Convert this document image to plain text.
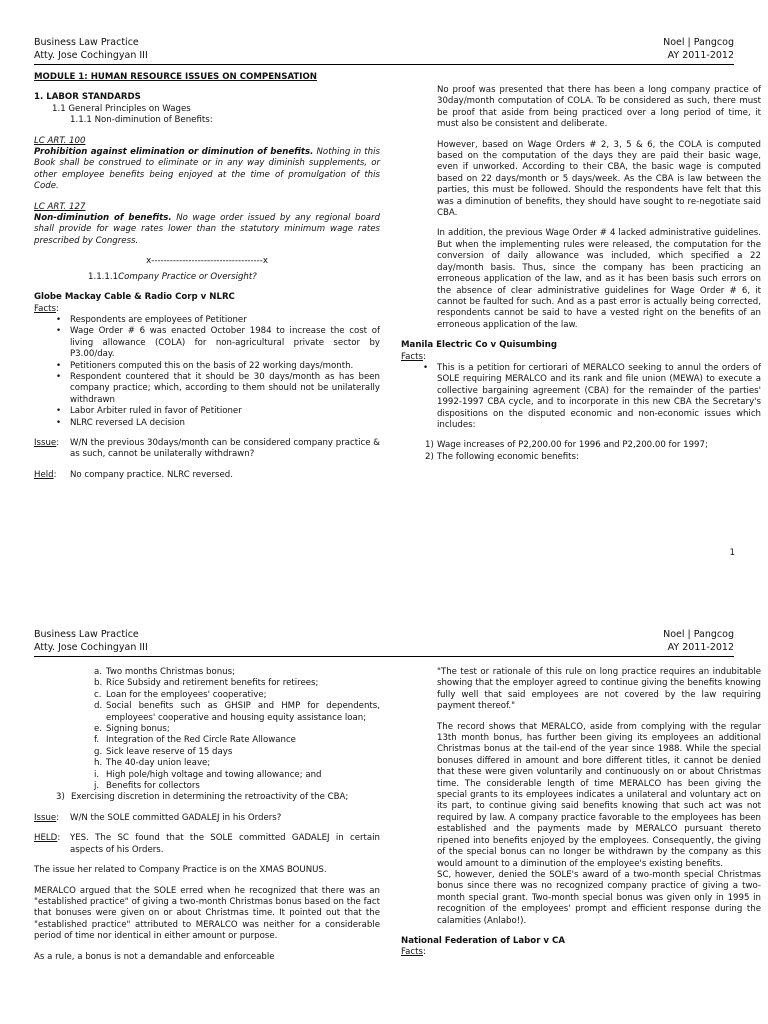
Business Law Practice
Atty. Jose Cochingyan III
Noel | Pangcog
AY 2011-2012

MODULE 1: HUMAN RESOURCE ISSUES ON COMPENSATION

1. LABOR STANDARDS

1.1 General Principles on Wages

1.1.1 Non-diminution of Benefits:

LC ART. 100

Prohibition against elimination or diminution of benefits. Nothing in this Book shall be construed to eliminate or in any way diminish supplements, or other employee benefits being enjoyed at the time of promulgation of this Code.

LC ART. 127

Non-diminution of benefits. No wage order issued by any regional board shall provide for wage rates lower than the statutory minimum wage rates prescribed by Congress.

x------------------------------------x

1.1.1.1Company Practice or Oversight?

Globe Mackay Cable & Radio Corp v NLRC

Facts:

• Respondents are employees of Petitioner
• Wage Order # 6 was enacted October 1984 to increase the cost of living allowance (COLA) for non-agricultural private sector by P3.00/day.
• Petitioners computed this on the basis of 22 working days/month.
• Respondent countered that it should be 30 days/month as has been company practice; which, according to them should not be unilaterally withdrawn
• Labor Arbiter ruled in favor of Petitioner
• NLRC reversed LA decision
Issue: W/N the previous 30days/month can be considered company practice & as such, cannot be unilaterally withdrawn?
Held: No company practice. NLRC reversed.

No proof was presented that there has been a long company practice of 30day/month computation of COLA. To be considered as such, there must be proof that aside from being practiced over a long period of time, it must also be consistent and deliberate.

However, based on Wage Orders # 2, 3, 5 & 6, the COLA is computed based on the computation of the days they are paid their basic wage, even if unworked. According to their CBA, the basic wage is computed based on 22 days/month or 5 days/week. As the CBA is law between the parties, this must be followed. Should the respondents have felt that this was a diminution of benefits, they should have sought to re-negotiate said CBA.

In addition, the previous Wage Order # 4 lacked administrative guidelines. But when the implementing rules were released, the computation for the conversion of daily allowance was included, which specified a 22 day/month basis. Thus, since the company has been practicing an erroneous application of the law, and as it has been basis such errors on the absence of clear administrative guidelines for Wage Order # 6, it cannot be faulted for such. And as a past error is actually being corrected, respondents cannot be said to have a vested right on the benefits of an erroneous application of the law.

Manila Electric Co v Quisumbing

Facts:

• This is a petition for certiorari of MERALCO seeking to annul the orders of SOLE requiring MERALCO and its rank and file union (MEWA) to execute a collective bargaining agreement (CBA) for the remainder of the parties' 1992-1997 CBA cycle, and to incorporate in this new CBA the Secretary's dispositions on the disputed economic and non-economic issues which includes:
1) Wage increases of P2,200.00 for 1996 and P2,200.00 for 1997;
2) The following economic benefits:
1
Business Law Practice
Atty. Jose Cochingyan III
Noel | Pangcog
AY 2011-2012
a. Two months Christmas bonus;
b. Rice Subsidy and retirement benefits for retirees;
c. Loan for the employees' cooperative;
d. Social benefits such as GHSIP and HMP for dependents, employees' cooperative and housing equity assistance loan;
e. Signing bonus;
f. Integration of the Red Circle Rate Allowance
g. Sick leave reserve of 15 days
h. The 40-day union leave;
i. High pole/high voltage and towing allowance; and
j. Benefits for collectors
3) Exercising discretion in determining the retroactivity of the CBA;
Issue: W/N the SOLE committed GADALEJ in his Orders?
HELD: YES. The SC found that the SOLE committed GADALEJ in certain aspects of his Orders.

The issue her related to Company Practice is on the XMAS BOUNUS.

MERALCO argued that the SOLE erred when he recognized that there was an "established practice" of giving a two-month Christmas bonus based on the fact that bonuses were given on or about Christmas time. It pointed out that the "established practice" attributed to MERALCO was neither for a considerable period of time nor identical in either amount or purpose.

As a rule, a bonus is not a demandable and enforceable

"The test or rationale of this rule on long practice requires an indubitable showing that the employer agreed to continue giving the benefits knowing fully well that said employees are not covered by the law requiring payment thereof."

The record shows that MERALCO, aside from complying with the regular 13th month bonus, has further been giving its employees an additional Christmas bonus at the tail-end of the year since 1988. While the special bonuses differed in amount and bore different titles, it cannot be denied that these were given voluntarily and continuously on or about Christmas time. The considerable length of time MERALCO has been giving the special grants to its employees indicates a unilateral and voluntary act on its part, to continue giving said benefits knowing that such act was not required by law. A company practice favorable to the employees has been established and the payments made by MERALCO pursuant thereto ripened into benefits enjoyed by the employees. Consequently, the giving of the special bonus can no longer be withdrawn by the company as this would amount to a diminution of the employee's existing benefits.

SC, however, denied the SOLE's award of a two-month special Christmas bonus since there was no recognized company practice of giving a two-month special grant. Two-month special bonus was given only in 1995 in recognition of the employees' prompt and efficient response during the calamities (Anlabo!).

National Federation of Labor v CA

Facts:
